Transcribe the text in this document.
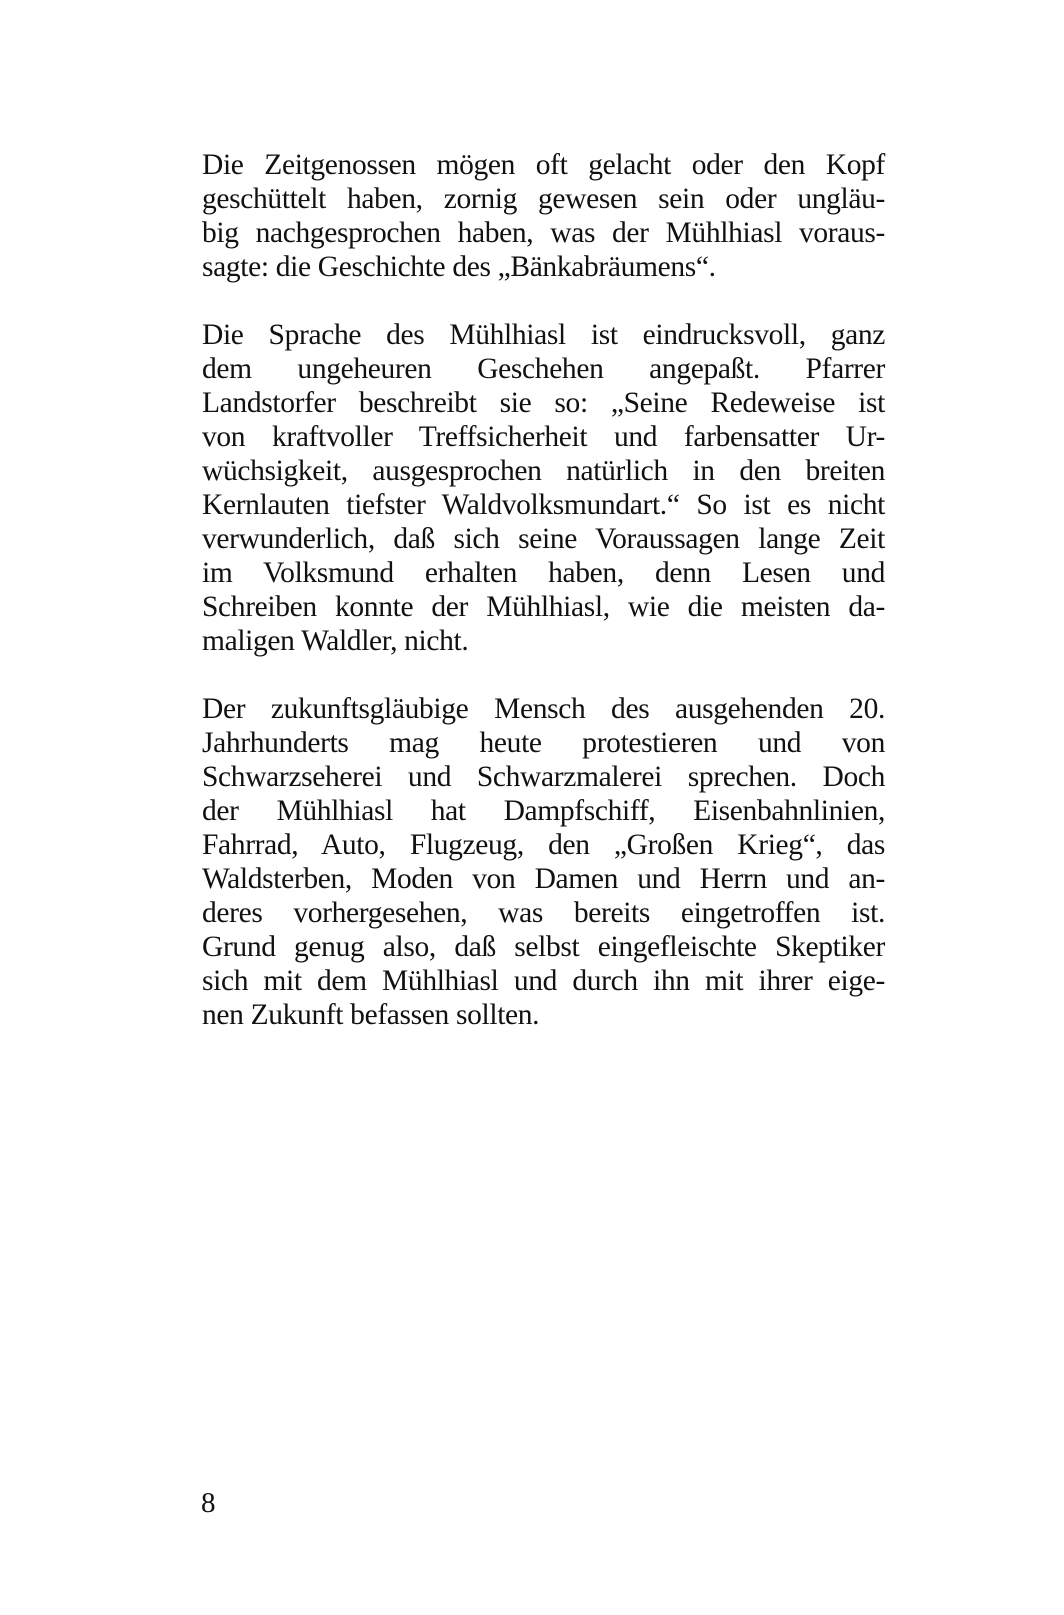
Die Zeitgenossen mögen oft gelacht oder den Kopf
geschüttelt haben, zornig gewesen sein oder ungläu-
big nachgesprochen haben, was der Mühlhiasl voraus-
sagte: die Geschichte des „Bänkabräumens“.

Die Sprache des Mühlhiasl ist eindrucksvoll, ganz
dem ungeheuren Geschehen angepaßt. Pfarrer
Landstorfer beschreibt sie so: „Seine Redeweise ist
von kraftvoller Treffsicherheit und farbensatter Ur-
wüchsigkeit, ausgesprochen natürlich in den breiten
Kernlauten tiefster Waldvolksmundart.“ So ist es nicht
verwunderlich, daß sich seine Voraussagen lange Zeit
im Volksmund erhalten haben, denn Lesen und
Schreiben konnte der Mühlhiasl, wie die meisten da-
maligen Waldler, nicht.

Der zukunftsgläubige Mensch des ausgehenden 20.
Jahrhunderts mag heute protestieren und von
Schwarzseherei und Schwarzmalerei sprechen. Doch
der Mühlhiasl hat Dampfschiff, Eisenbahnlinien,
Fahrrad, Auto, Flugzeug, den „Großen Krieg“, das
Waldsterben, Moden von Damen und Herrn und an-
deres vorhergesehen, was bereits eingetroffen ist.
Grund genug also, daß selbst eingefleischte Skeptiker
sich mit dem Mühlhiasl und durch ihn mit ihrer eige-
nen Zukunft befassen sollten.

8
